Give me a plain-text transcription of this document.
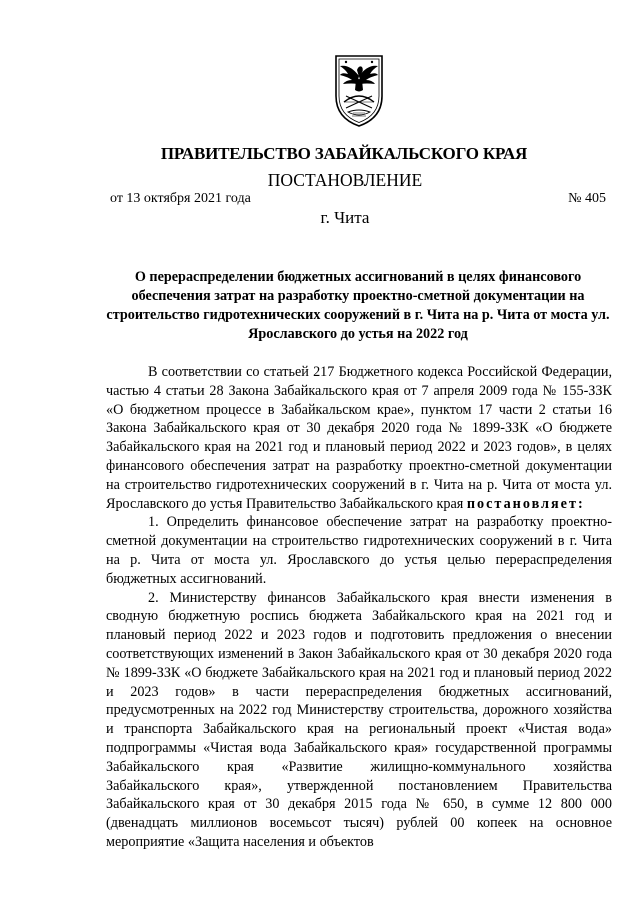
ПРАВИТЕЛЬСТВО ЗАБАЙКАЛЬСКОГО КРАЯ
ПОСТАНОВЛЕНИЕ
от 13 октября 2021 года	№ 405
г. Чита
О перераспределении бюджетных ассигнований в целях финансового обеспечения затрат на разработку проектно-сметной документации на строительство гидротехнических сооружений в г. Чита на р. Чита от моста ул. Ярославского до устья на 2022 год

В соответствии со статьей 217 Бюджетного кодекса Российской Федерации, частью 4 статьи 28 Закона Забайкальского края от 7 апреля 2009 года № 155-ЗЗК «О бюджетном процессе в Забайкальском крае», пунктом 17 части 2 статьи 16 Закона Забайкальского края от 30 декабря 2020 года № 1899-ЗЗК «О бюджете Забайкальского края на 2021 год и плановый период 2022 и 2023 годов», в целях финансового обеспечения затрат на разработку проектно-сметной документации на строительство гидротехнических сооружений в г. Чита на р. Чита от моста ул. Ярославского до устья Правительство Забайкальского края постановляет:

1. Определить финансовое обеспечение затрат на разработку проектно-сметной документации на строительство гидротехнических сооружений в г. Чита на р. Чита от моста ул. Ярославского до устья целью перераспределения бюджетных ассигнований.

2. Министерству финансов Забайкальского края внести изменения в сводную бюджетную роспись бюджета Забайкальского края на 2021 год и плановый период 2022 и 2023 годов и подготовить предложения о внесении соответствующих изменений в Закон Забайкальского края от 30 декабря 2020 года № 1899-ЗЗК «О бюджете Забайкальского края на 2021 год и плановый период 2022 и 2023 годов» в части перераспределения бюджетных ассигнований, предусмотренных на 2022 год Министерству строительства, дорожного хозяйства и транспорта Забайкальского края на региональный проект «Чистая вода» подпрограммы «Чистая вода Забайкальского края» государственной программы Забайкальского края «Развитие жилищно-коммунального хозяйства Забайкальского края», утвержденной постановлением Правительства Забайкальского края от 30 декабря 2015 года № 650, в сумме 12 800 000 (двенадцать миллионов восемьсот тысяч) рублей 00 копеек на основное мероприятие «Защита населения и объектов
